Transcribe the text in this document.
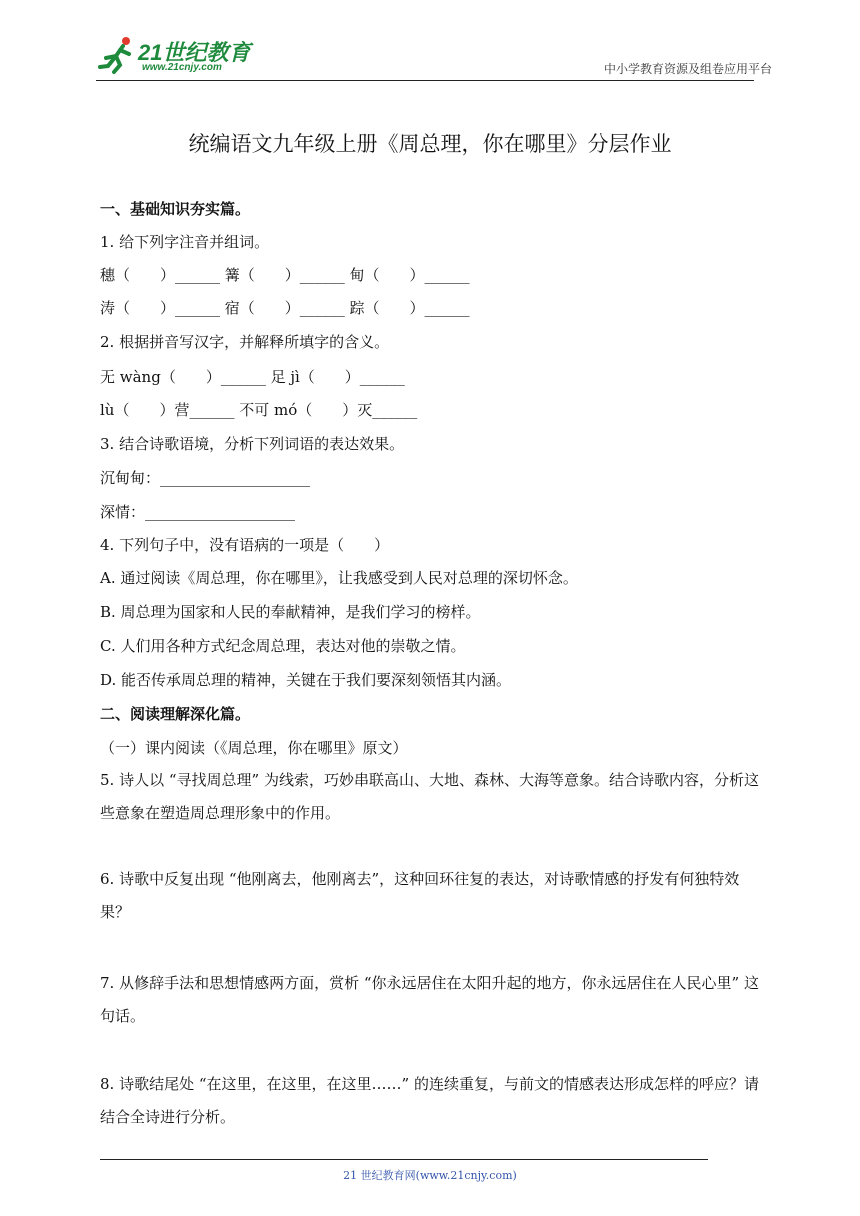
21世纪教育
www.21cnjy.com	中小学教育资源及组卷应用平台
统编语文九年级上册《周总理，你在哪里》分层作业
一、基础知识夯实篇。
1. 给下列字注音并组词。
穗（　　）______ 篝（　　）______ 甸（　　）______
涛（　　）______ 宿（　　）______ 踪（　　）______
2. 根据拼音写汉字，并解释所填字的含义。
无 wàng（　　）______ 足 jì（　　）______
lù（　　）营______ 不可 mó（　　）灭______
3. 结合诗歌语境，分析下列词语的表达效果。
沉甸甸：____________________
深情：____________________
4. 下列句子中，没有语病的一项是（　　）
A. 通过阅读《周总理，你在哪里》，让我感受到人民对总理的深切怀念。
B. 周总理为国家和人民的奉献精神，是我们学习的榜样。
C. 人们用各种方式纪念周总理，表达对他的崇敬之情。
D. 能否传承周总理的精神，关键在于我们要深刻领悟其内涵。
二、阅读理解深化篇。
（一）课内阅读（《周总理，你在哪里》原文）
5. 诗人以 “寻找周总理” 为线索，巧妙串联高山、大地、森林、大海等意象。结合诗歌内容，分析这些意象在塑造周总理形象中的作用。
6. 诗歌中反复出现 “他刚离去，他刚离去”，这种回环往复的表达，对诗歌情感的抒发有何独特效果？
7. 从修辞手法和思想情感两方面，赏析 “你永远居住在太阳升起的地方，你永远居住在人民心里” 这句话。
8. 诗歌结尾处 “在这里，在这里，在这里……” 的连续重复，与前文的情感表达形成怎样的呼应？请结合全诗进行分析。
21 世纪教育网(www.21cnjy.com)
